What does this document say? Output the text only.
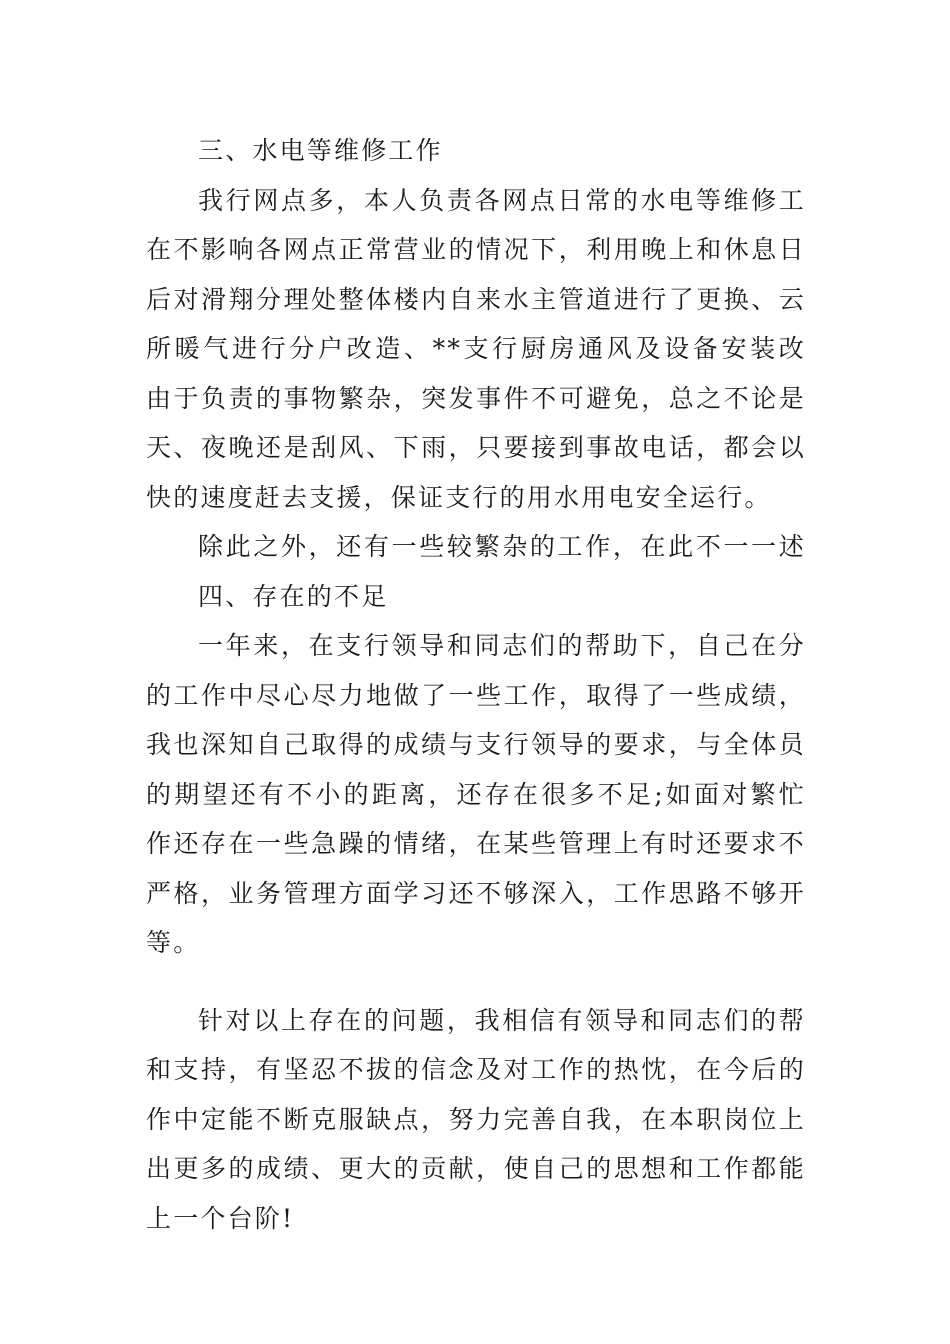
三、水电等维修工作
我行网点多，本人负责各网点日常的水电等维修工
在不影响各网点正常营业的情况下，利用晚上和休息日
后对滑翔分理处整体楼内自来水主管道进行了更换、云
所暖气进行分户改造、**支行厨房通风及设备安装改
由于负责的事物繁杂，突发事件不可避免，总之不论是
天、夜晚还是刮风、下雨，只要接到事故电话，都会以
快的速度赶去支援，保证支行的用水用电安全运行。
除此之外，还有一些较繁杂的工作，在此不一一述
四、存在的不足
一年来，在支行领导和同志们的帮助下，自己在分
的工作中尽心尽力地做了一些工作，取得了一些成绩，
我也深知自己取得的成绩与支行领导的要求，与全体员
的期望还有不小的距离，还存在很多不足;如面对繁忙
作还存在一些急躁的情绪，在某些管理上有时还要求不
严格，业务管理方面学习还不够深入，工作思路不够开
等。
针对以上存在的问题，我相信有领导和同志们的帮
和支持，有坚忍不拔的信念及对工作的热忱，在今后的
作中定能不断克服缺点，努力完善自我，在本职岗位上
出更多的成绩、更大的贡献，使自己的思想和工作都能
上一个台阶!
